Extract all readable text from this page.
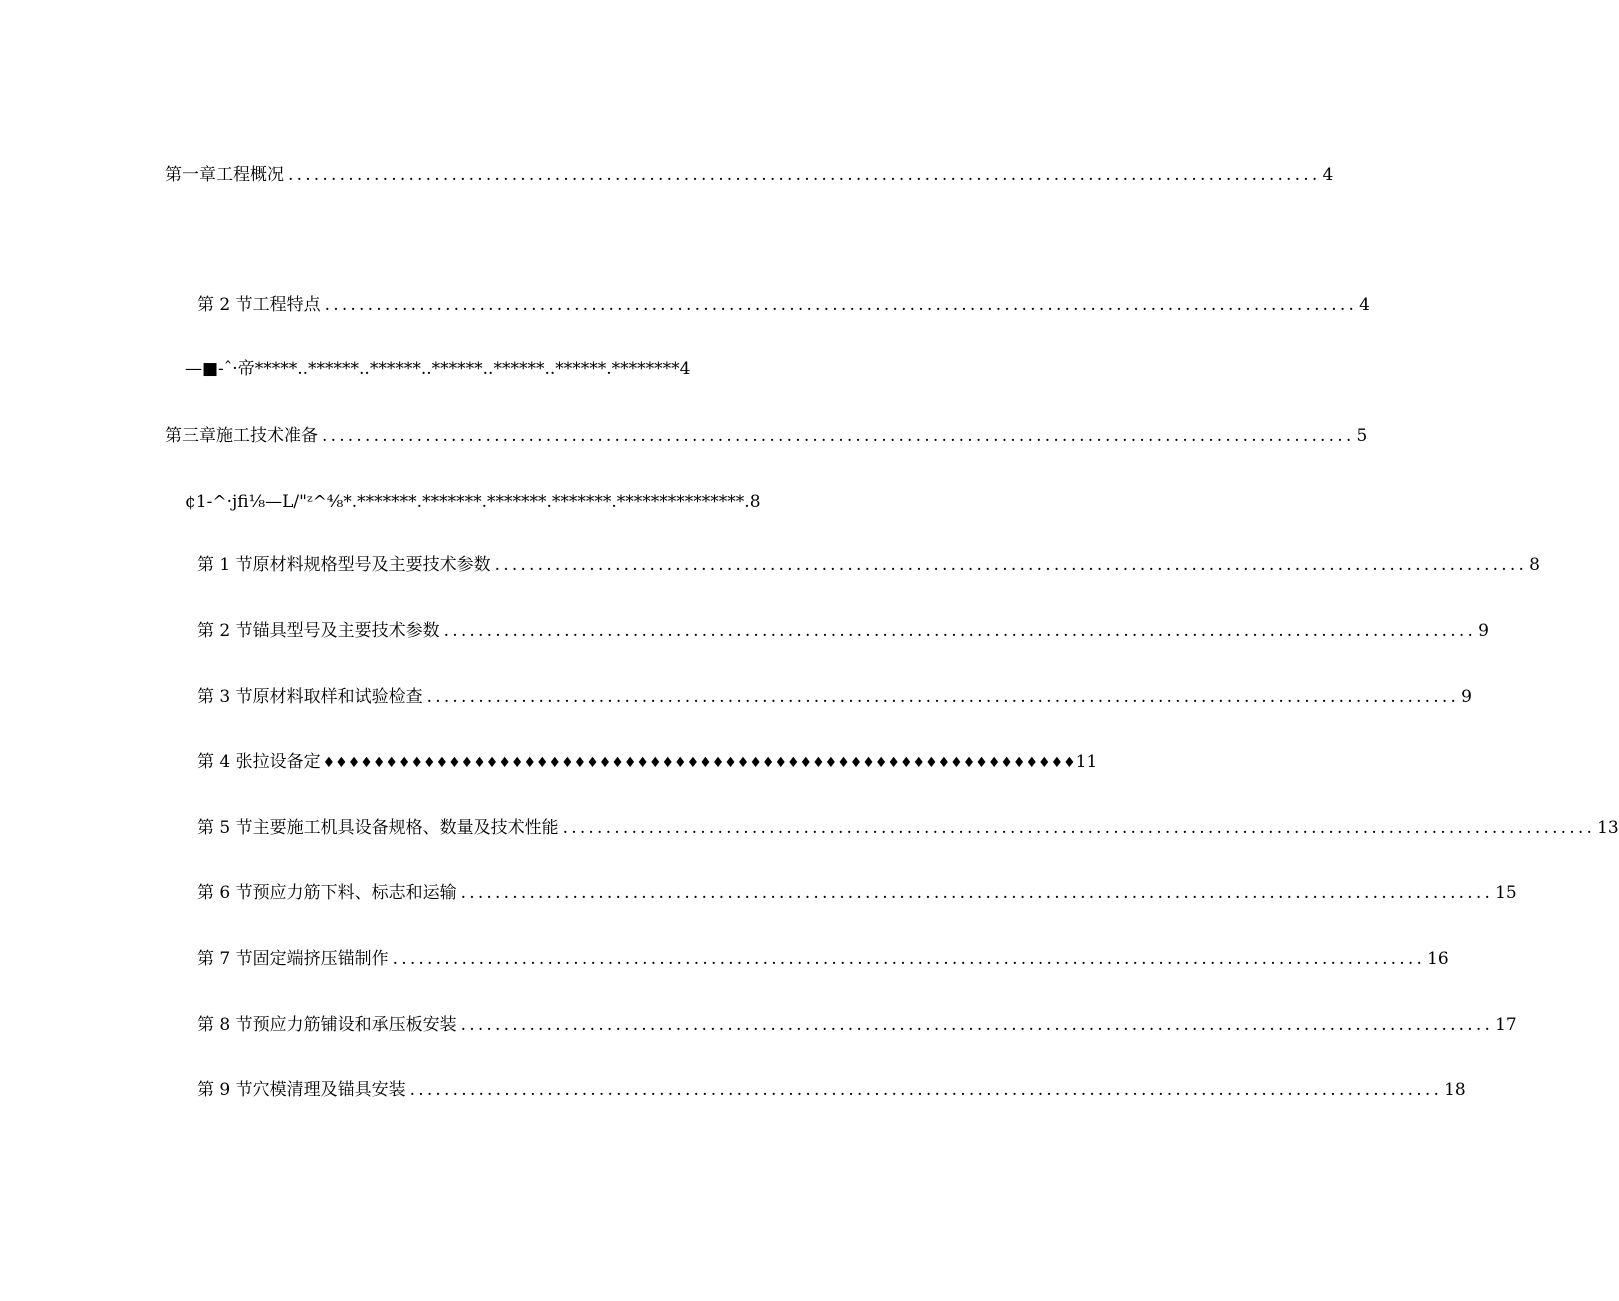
第一章工程概况 ........................................................................................................................ 4
第 2 节工程特点 ........................................................................................................................ 4
—■-ˆ·帝*****..******..******..******..******..******.********4
第三章施工技术准备 ........................................................................................................................ 5
¢1-^·jfi⅛—L/"ᶻ^⁴⁄₈*.*******.*******.*******.*******.***************.8
第 1 节原材料规格型号及主要技术参数 ........................................................................................................................ 8
第 2 节锚具型号及主要技术参数 ........................................................................................................................ 9
第 3 节原材料取样和试验检查 ........................................................................................................................ 9
第 4 张拉设备定 ♦♦♦♦♦♦♦♦♦♦♦♦♦♦♦♦♦♦♦♦♦♦♦♦♦♦♦♦♦♦♦♦♦♦♦♦♦♦♦♦♦♦♦♦♦♦♦♦♦♦♦♦♦♦♦♦♦♦♦♦ 11
第 5 节主要施工机具设备规格、数量及技术性能 ........................................................................................................................ 13
第 6 节预应力筋下料、标志和运输 ........................................................................................................................ 15
第 7 节固定端挤压锚制作 ........................................................................................................................ 16
第 8 节预应力筋铺设和承压板安装 ........................................................................................................................ 17
第 9 节穴模清理及锚具安装 ........................................................................................................................ 18
